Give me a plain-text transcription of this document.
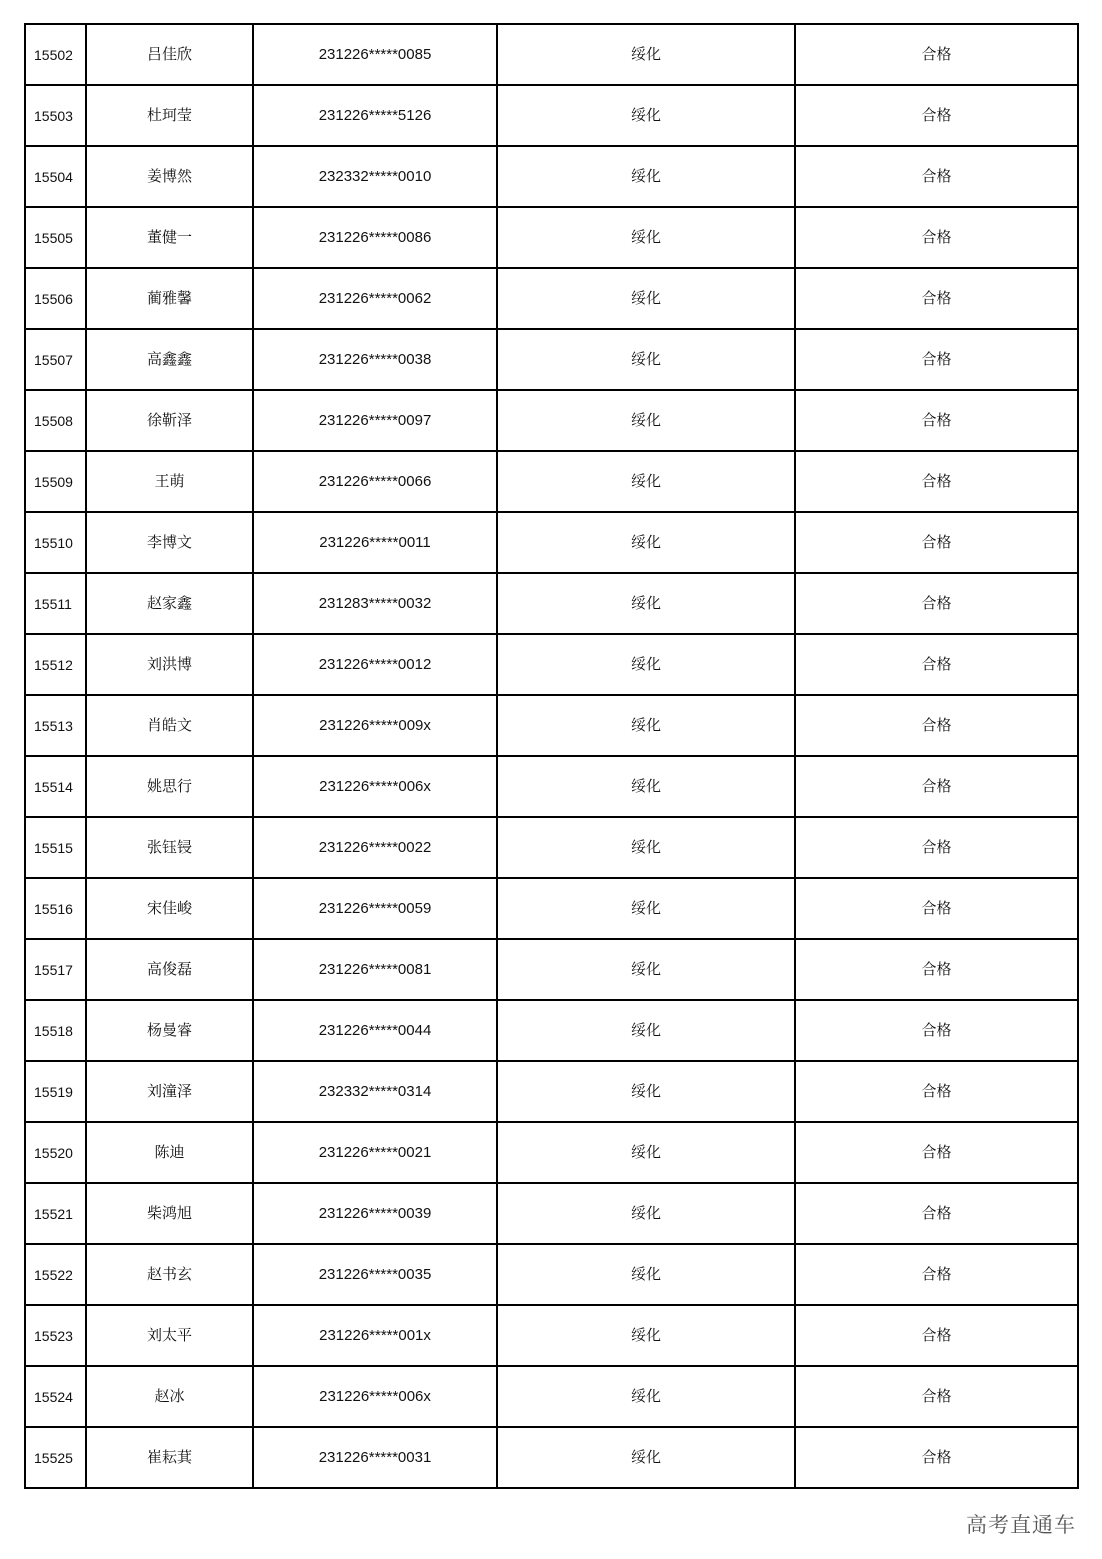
15502	吕佳欣	231226*****0085	绥化	合格
15503	杜珂莹	231226*****5126	绥化	合格
15504	姜博然	232332*****0010	绥化	合格
15505	董健一	231226*****0086	绥化	合格
15506	蔺雅馨	231226*****0062	绥化	合格
15507	高鑫鑫	231226*****0038	绥化	合格
15508	徐靳泽	231226*****0097	绥化	合格
15509	王萌	231226*****0066	绥化	合格
15510	李博文	231226*****0011	绥化	合格
15511	赵家鑫	231283*****0032	绥化	合格
15512	刘洪博	231226*****0012	绥化	合格
15513	肖皓文	231226*****009x	绥化	合格
15514	姚思行	231226*****006x	绥化	合格
15515	张钰锓	231226*****0022	绥化	合格
15516	宋佳峻	231226*****0059	绥化	合格
15517	高俊磊	231226*****0081	绥化	合格
15518	杨曼睿	231226*****0044	绥化	合格
15519	刘潼泽	232332*****0314	绥化	合格
15520	陈迪	231226*****0021	绥化	合格
15521	柴鸿旭	231226*****0039	绥化	合格
15522	赵书玄	231226*****0035	绥化	合格
15523	刘太平	231226*****001x	绥化	合格
15524	赵冰	231226*****006x	绥化	合格
15525	崔耘萁	231226*****0031	绥化	合格
高考直通车
